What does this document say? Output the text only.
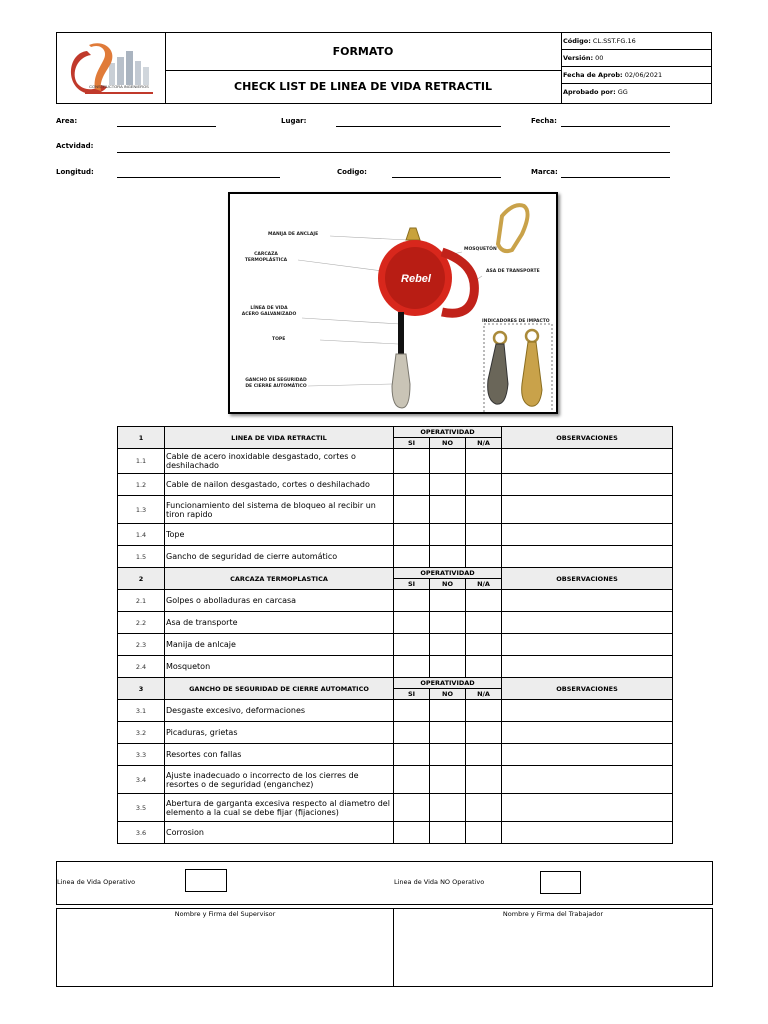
CONSTRUCTORA INGENIEROS
FORMATO
CHECK LIST DE LINEA DE VIDA RETRACTIL
Código: CL.SST.FG.16
Versión: 00
Fecha de Aprob: 02/06/2021
Aprobado por: GG
Area:	Lugar:	Fecha:
Actvidad:
Longitud:	Codigo:	Marca:
Rebel
MANIJA DE ANCLAJE
CARCAZA
TERMOPLÁSTICA
LÍNEA DE VIDA
ACERO GALVANIZADO
TOPE
GANCHO DE SEGURIDAD
DE CIERRE AUTOMÁTICO
MOSQUETÓN
ASA DE TRANSPORTE
INDICADORES DE IMPACTO
1	LINEA DE VIDA RETRACTIL	OPERATIVIDAD			OBSERVACIONES
		SI	NO	N/A	
1.1	Cable de acero inoxidable desgastado, cortes o deshilachado				
1.2	Cable de nailon desgastado, cortes o deshilachado				
1.3	Funcionamiento del sistema de bloqueo al recibir un tiron rapido				
1.4	Tope				
1.5	Gancho de seguridad de cierre automático				
2	CARCAZA TERMOPLASTICA	OPERATIVIDAD			OBSERVACIONES
		SI	NO	N/A	
2.1	Golpes o abolladuras en carcasa				
2.2	Asa de transporte				
2.3	Manija de anlcaje				
2.4	Mosqueton				
3	GANCHO DE SEGURIDAD DE CIERRE AUTOMATICO	OPERATIVIDAD			OBSERVACIONES
		SI	NO	N/A	
3.1	Desgaste excesivo, deformaciones				
3.2	Picaduras, grietas				
3.3	Resortes con fallas				
3.4	Ajuste inadecuado o incorrecto de los cierres de resortes o de seguridad (enganchez)				
3.5	Abertura de garganta excesiva respecto al diametro del elemento a la cual se debe fijar (fijaciones)				
3.6	Corrosion				
Linea de Vida Operativo	Linea de Vida NO Operativo
Nombre y Firma del Supervisor	Nombre y Firma del Trabajador
